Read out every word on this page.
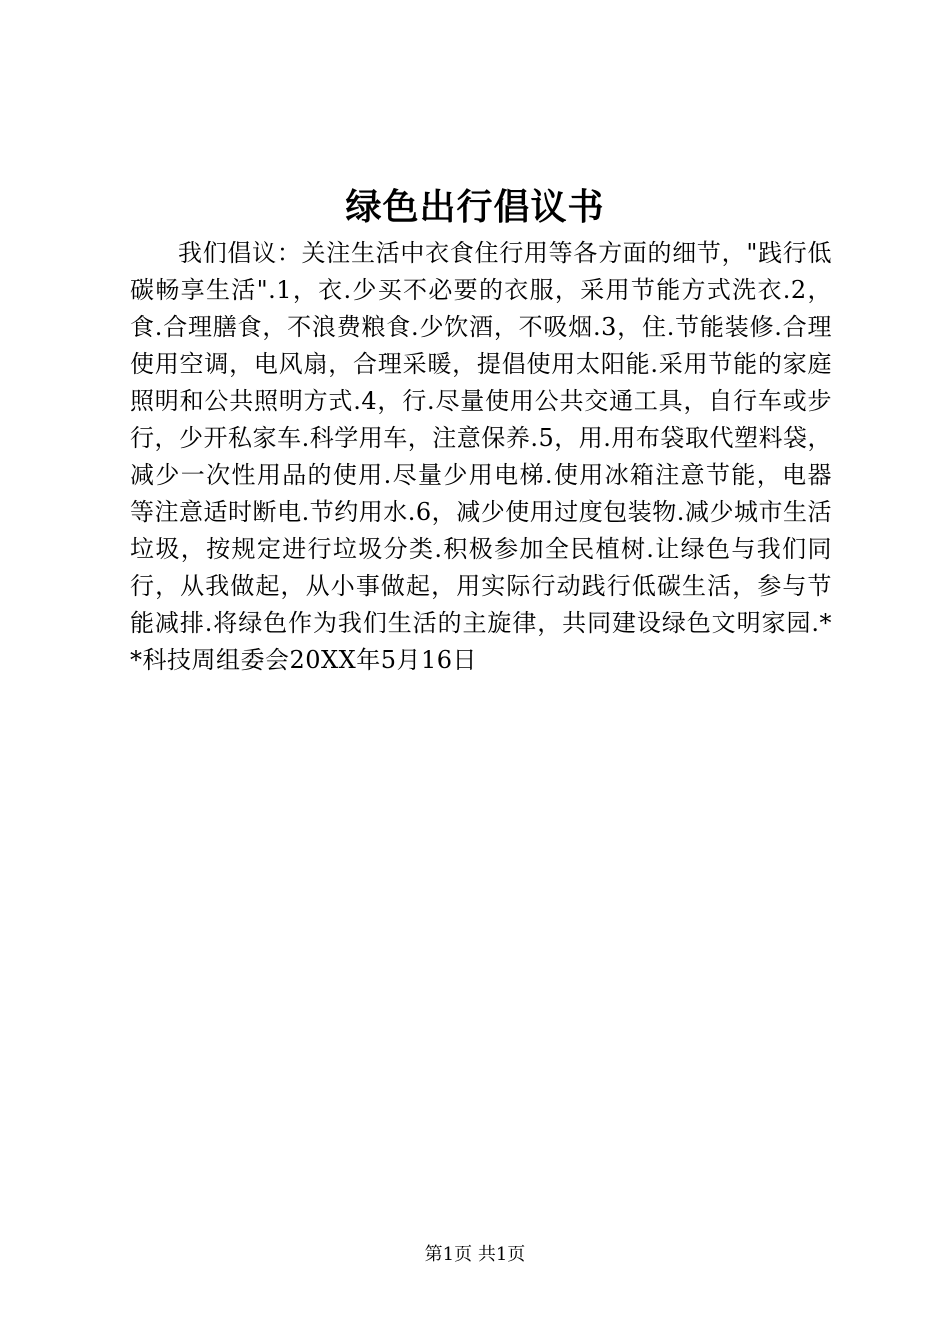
绿色出行倡议书

我们倡议：关注生活中衣食住行用等各方面的细节，"践行低碳畅享生活".1，衣.少买不必要的衣服，采用节能方式洗衣.2，食.合理膳食，不浪费粮食.少饮酒，不吸烟.3，住.节能装修.合理使用空调，电风扇，合理采暖，提倡使用太阳能.采用节能的家庭照明和公共照明方式.4，行.尽量使用公共交通工具，自行车或步行，少开私家车.科学用车，注意保养.5，用.用布袋取代塑料袋，减少一次性用品的使用.尽量少用电梯.使用冰箱注意节能，电器等注意适时断电.节约用水.6，减少使用过度包装物.减少城市生活垃圾，按规定进行垃圾分类.积极参加全民植树.让绿色与我们同行，从我做起，从小事做起，用实际行动践行低碳生活，参与节能减排.将绿色作为我们生活的主旋律，共同建设绿色文明家园.**科技周组委会20XX年5月16日

第1页 共1页
